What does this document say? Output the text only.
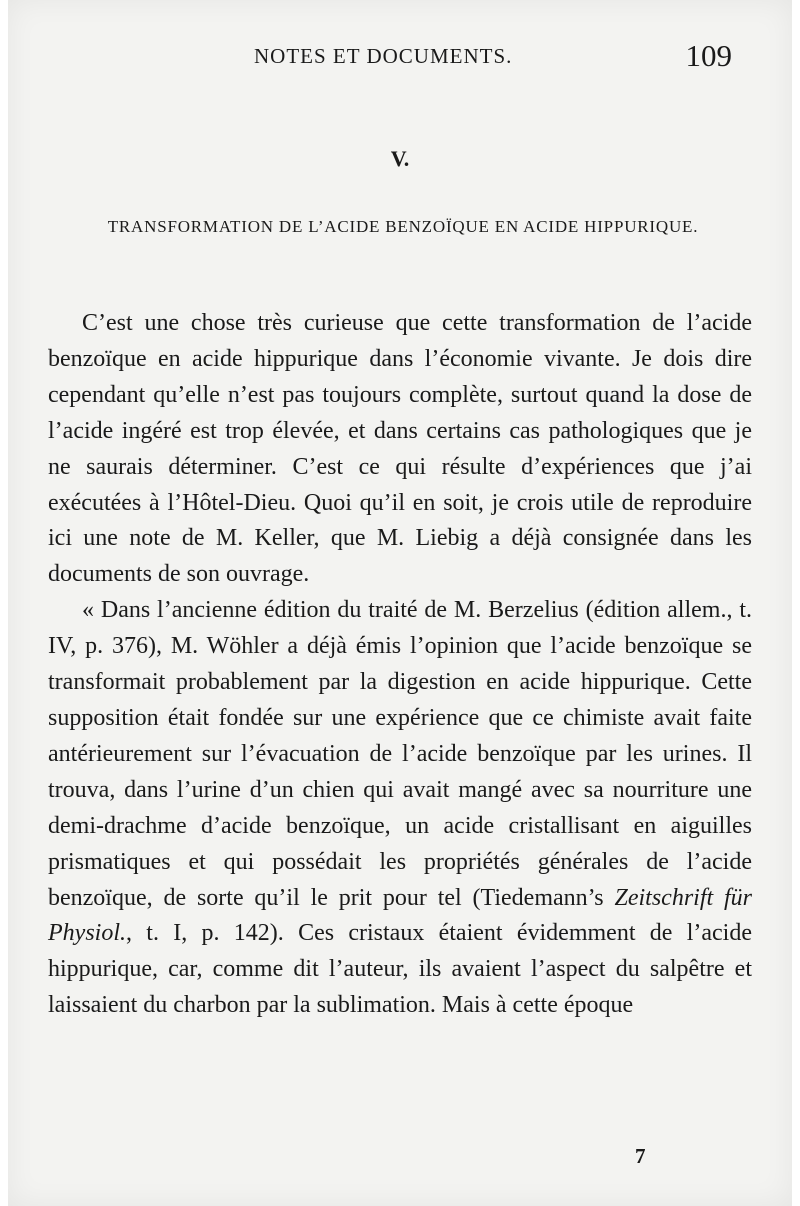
NOTES ET DOCUMENTS.	109
V.
TRANSFORMATION DE L’ACIDE BENZOÏQUE EN ACIDE HIPPURIQUE.

C’est une chose très curieuse que cette transformation de l’acide benzoïque en acide hippurique dans l’économie vivante. Je dois dire cependant qu’elle n’est pas toujours complète, surtout quand la dose de l’acide ingéré est trop élevée, et dans certains cas pathologiques que je ne saurais déterminer. C’est ce qui résulte d’expériences que j’ai exécutées à l’Hôtel-Dieu. Quoi qu’il en soit, je crois utile de reproduire ici une note de M. Keller, que M. Liebig a déjà consignée dans les documents de son ouvrage.

« Dans l’ancienne édition du traité de M. Berzelius (édition allem., t. IV, p. 376), M. Wöhler a déjà émis l’opinion que l’acide benzoïque se transformait probablement par la digestion en acide hippurique. Cette supposition était fondée sur une expérience que ce chimiste avait faite antérieurement sur l’évacuation de l’acide benzoïque par les urines. Il trouva, dans l’urine d’un chien qui avait mangé avec sa nourriture une demi-drachme d’acide benzoïque, un acide cristallisant en aiguilles prismatiques et qui possédait les propriétés générales de l’acide benzoïque, de sorte qu’il le prit pour tel (Tiedemann’s Zeitschrift für Physiol., t. I, p. 142). Ces cristaux étaient évidemment de l’acide hippurique, car, comme dit l’auteur, ils avaient l’aspect du salpêtre et laissaient du charbon par la sublimation. Mais à cette époque

7
